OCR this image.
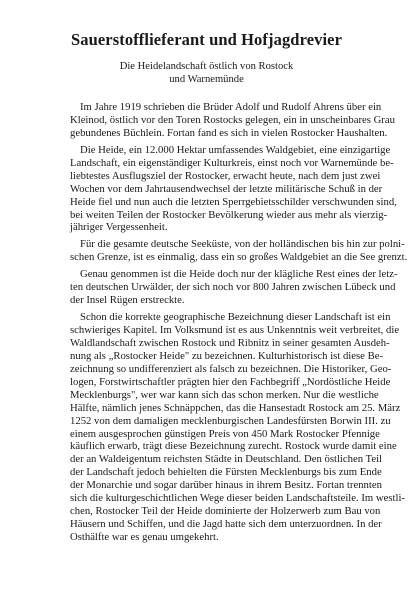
Sauerstofflieferant und Hofjagdrevier
Die Heidelandschaft östlich von Rostock
und Warnemünde

Im Jahre 1919 schrieben die Brüder Adolf und Rudolf Ahrens über ein
Kleinod, östlich vor den Toren Rostocks gelegen, ein in unscheinbares Grau
gebundenes Büchlein. Fortan fand es sich in vielen Rostocker Haushalten.

Die Heide, ein 12.000 Hektar umfassendes Waldgebiet, eine einzigartige
Landschaft, ein eigenständiger Kulturkreis, einst noch vor Warnemünde be-
liebtestes Ausflugsziel der Rostocker, erwacht heute, nach dem just zwei
Wochen vor dem Jahrtausendwechsel der letzte militärische Schuß in der
Heide fiel und nun auch die letzten Sperrgebietsschilder verschwunden sind,
bei weiten Teilen der Rostocker Bevölkerung wieder aus mehr als vierzig-
jähriger Vergessenheit.

Für die gesamte deutsche Seeküste, von der holländischen bis hin zur polni-
schen Grenze, ist es einmalig, dass ein so großes Waldgebiet an die See grenzt.

Genau genommen ist die Heide doch nur der klägliche Rest eines der letz-
ten deutschen Urwälder, der sich noch vor 800 Jahren zwischen Lübeck und
der Insel Rügen erstreckte.

Schon die korrekte geographische Bezeichnung dieser Landschaft ist ein
schwieriges Kapitel. Im Volksmund ist es aus Unkenntnis weit verbreitet, die
Waldlandschaft zwischen Rostock und Ribnitz in seiner gesamten Ausdeh-
nung als „Rostocker Heide" zu bezeichnen. Kulturhistorisch ist diese Be-
zeichnung so undifferenziert als falsch zu bezeichnen. Die Historiker, Geo-
logen, Forstwirtschaftler prägten hier den Fachbegriff „Nordöstliche Heide
Mecklenburgs", wer war kann sich das schon merken. Nur die westliche
Hälfte, nämlich jenes Schnäppchen, das die Hansestadt Rostock am 25. März
1252 von dem damaligen mecklenburgischen Landesfürsten Borwin III. zu
einem ausgesprochen günstigen Preis von 450 Mark Rostocker Pfennige
käuflich erwarb, trägt diese Bezeichnung zurecht. Rostock wurde damit eine
der an Waldeigentum reichsten Städte in Deutschland. Den östlichen Teil
der Landschaft jedoch behielten die Fürsten Mecklenburgs bis zum Ende
der Monarchie und sogar darüber hinaus in ihrem Besitz. Fortan trennten
sich die kulturgeschichtlichen Wege dieser beiden Landschaftsteile. Im westli-
chen, Rostocker Teil der Heide dominierte der Holzerwerb zum Bau von
Häusern und Schiffen, und die Jagd hatte sich dem unterzuordnen. In der
Osthälfte war es genau umgekehrt.
